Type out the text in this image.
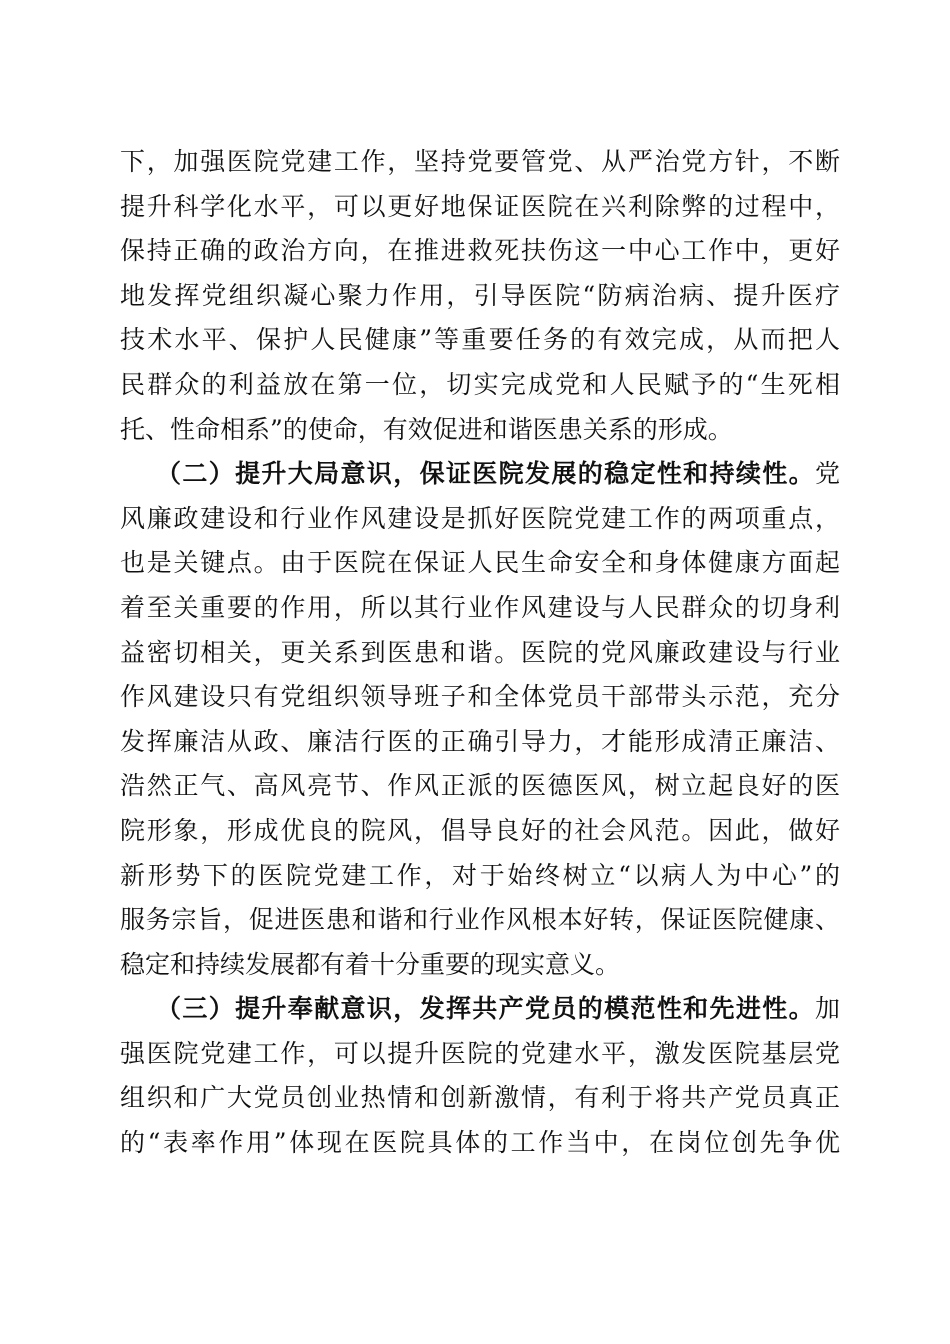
下，加强医院党建工作，坚持党要管党、从严治党方针，不断
提升科学化水平，可以更好地保证医院在兴利除弊的过程中，
保持正确的政治方向，在推进救死扶伤这一中心工作中，更好
地发挥党组织凝心聚力作用，引导医院“防病治病、提升医疗
技术水平、保护人民健康”等重要任务的有效完成，从而把人
民群众的利益放在第一位，切实完成党和人民赋予的“生死相
托、性命相系”的使命，有效促进和谐医患关系的形成。
（二）提升大局意识，保证医院发展的稳定性和持续性。党
风廉政建设和行业作风建设是抓好医院党建工作的两项重点，
也是关键点。由于医院在保证人民生命安全和身体健康方面起
着至关重要的作用，所以其行业作风建设与人民群众的切身利
益密切相关，更关系到医患和谐。医院的党风廉政建设与行业
作风建设只有党组织领导班子和全体党员干部带头示范，充分
发挥廉洁从政、廉洁行医的正确引导力，才能形成清正廉洁、
浩然正气、高风亮节、作风正派的医德医风，树立起良好的医
院形象，形成优良的院风，倡导良好的社会风范。因此，做好
新形势下的医院党建工作，对于始终树立“以病人为中心”的
服务宗旨，促进医患和谐和行业作风根本好转，保证医院健康、
稳定和持续发展都有着十分重要的现实意义。
（三）提升奉献意识，发挥共产党员的模范性和先进性。加
强医院党建工作，可以提升医院的党建水平，激发医院基层党
组织和广大党员创业热情和创新激情，有利于将共产党员真正
的“表率作用”体现在医院具体的工作当中，在岗位创先争优
